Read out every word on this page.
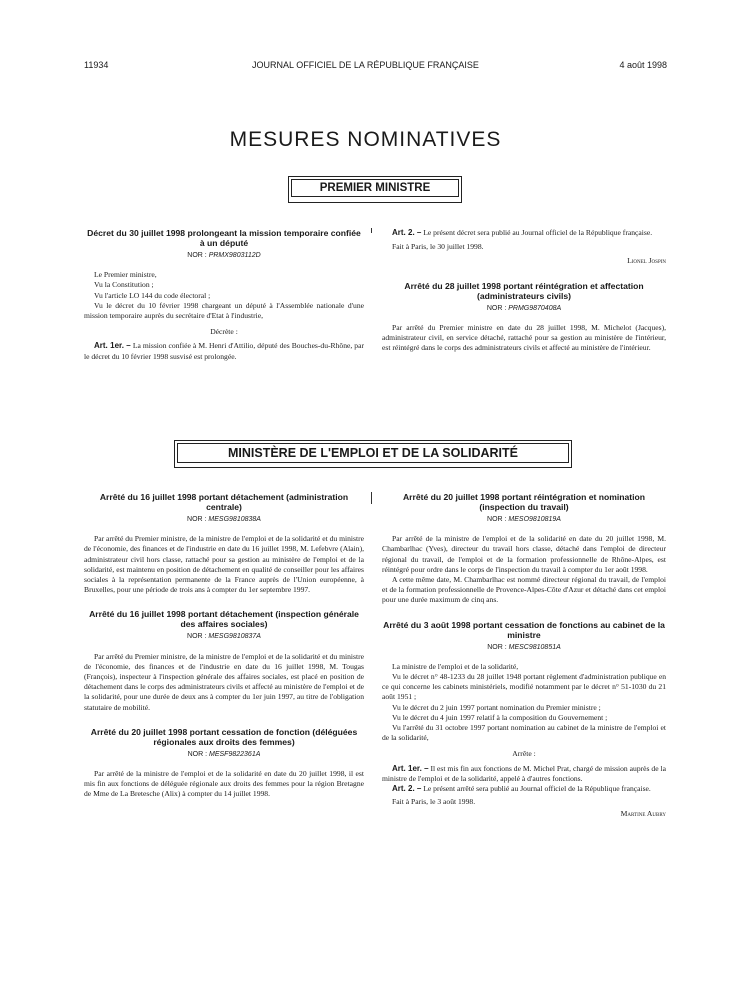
11934	JOURNAL OFFICIEL DE LA RÉPUBLIQUE FRANÇAISE	4 août 1998
MESURES NOMINATIVES
PREMIER MINISTRE
Décret du 30 juillet 1998 prolongeant la mission temporaire confiée à un député
NOR : PRMX9803112D

Le Premier ministre,

Vu la Constitution ;

Vu l'article LO 144 du code électoral ;

Vu le décret du 10 février 1998 chargeant un député à l'Assemblée nationale d'une mission temporaire auprès du secrétaire d'Etat à l'industrie,

Décrète :

Art. 1er. – La mission confiée à M. Henri d'Attilio, député des Bouches-du-Rhône, par le décret du 10 février 1998 susvisé est prolongée.

Art. 2. – Le présent décret sera publié au Journal officiel de la République française.

Fait à Paris, le 30 juillet 1998.

Lionel Jospin

Arrêté du 28 juillet 1998 portant réintégration et affectation (administrateurs civils)
NOR : PRMG9870408A

Par arrêté du Premier ministre en date du 28 juillet 1998, M. Michelot (Jacques), administrateur civil, en service détaché, rattaché pour sa gestion au ministère de l'intérieur, est réintégré dans le corps des administrateurs civils et affecté au ministère de l'intérieur.

MINISTÈRE DE L'EMPLOI ET DE LA SOLIDARITÉ
Arrêté du 16 juillet 1998 portant détachement (administration centrale)
NOR : MESG9810838A

Par arrêté du Premier ministre, de la ministre de l'emploi et de la solidarité et du ministre de l'économie, des finances et de l'industrie en date du 16 juillet 1998, M. Lefebvre (Alain), administrateur civil hors classe, rattaché pour sa gestion au ministère de l'emploi et de la solidarité, est maintenu en position de détachement en qualité de conseiller pour les affaires sociales à la représentation permanente de la France auprès de l'Union européenne, à Bruxelles, pour une période de trois ans à compter du 1er septembre 1997.

Arrêté du 16 juillet 1998 portant détachement (inspection générale des affaires sociales)
NOR : MESG9810837A

Par arrêté du Premier ministre, de la ministre de l'emploi et de la solidarité et du ministre de l'économie, des finances et de l'industrie en date du 16 juillet 1998, M. Tougas (François), inspecteur à l'inspection générale des affaires sociales, est placé en position de détachement dans le corps des administrateurs civils et affecté au ministère de l'emploi et de la solidarité, pour une durée de deux ans à compter du 1er juin 1997, au titre de l'obligation statutaire de mobilité.

Arrêté du 20 juillet 1998 portant cessation de fonction (déléguées régionales aux droits des femmes)
NOR : MESF9822361A

Par arrêté de la ministre de l'emploi et de la solidarité en date du 20 juillet 1998, il est mis fin aux fonctions de déléguée régionale aux droits des femmes pour la région Bretagne de Mme de La Bretesche (Alix) à compter du 14 juillet 1998.

Arrêté du 20 juillet 1998 portant réintégration et nomination (inspection du travail)
NOR : MESO9810819A

Par arrêté de la ministre de l'emploi et de la solidarité en date du 20 juillet 1998, M. Chambarlhac (Yves), directeur du travail hors classe, détaché dans l'emploi de directeur régional du travail, de l'emploi et de la formation professionnelle de Rhône-Alpes, est réintégré pour ordre dans le corps de l'inspection du travail à compter du 1er août 1998.

A cette même date, M. Chambarlhac est nommé directeur régional du travail, de l'emploi et de la formation professionnelle de Provence-Alpes-Côte d'Azur et détaché dans cet emploi pour une durée maximum de cinq ans.

Arrêté du 3 août 1998 portant cessation de fonctions au cabinet de la ministre
NOR : MESC9810851A

La ministre de l'emploi et de la solidarité,

Vu le décret n° 48-1233 du 28 juillet 1948 portant règlement d'administration publique en ce qui concerne les cabinets ministériels, modifié notamment par le décret n° 51-1030 du 21 août 1951 ;

Vu le décret du 2 juin 1997 portant nomination du Premier ministre ;

Vu le décret du 4 juin 1997 relatif à la composition du Gouvernement ;

Vu l'arrêté du 31 octobre 1997 portant nomination au cabinet de la ministre de l'emploi et de la solidarité,

Arrête :

Art. 1er. – Il est mis fin aux fonctions de M. Michel Prat, chargé de mission auprès de la ministre de l'emploi et de la solidarité, appelé à d'autres fonctions.

Art. 2. – Le présent arrêté sera publié au Journal officiel de la République française.

Fait à Paris, le 3 août 1998.

Martine Aubry
